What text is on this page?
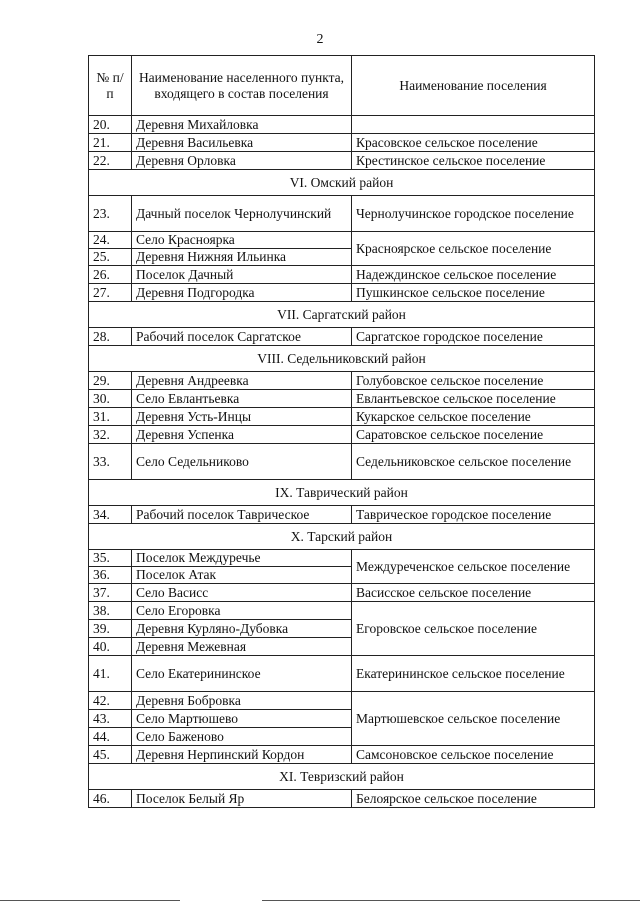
2
№ п/п	Наименование населенного пункта, входящего в состав поселения	Наименование поселения
20.	Деревня Михайловка	
21.	Деревня Васильевка	Красовское сельское поселение
22.	Деревня Орловка	Крестинское сельское поселение
VI. Омский район		
23.	Дачный поселок Чернолучинский	Чернолучинское городское поселение
24.	Село Красноярка	Красноярское сельское поселение
25.	Деревня Нижняя Ильинка	
26.	Поселок Дачный	Надеждинское сельское поселение
27.	Деревня Подгородка	Пушкинское сельское поселение
VII. Саргатский район		
28.	Рабочий поселок Саргатское	Саргатское городское поселение
VIII. Седельниковский район		
29.	Деревня Андреевка	Голубовское сельское поселение
30.	Село Евлантьевка	Евлантьевское сельское поселение
31.	Деревня Усть-Инцы	Кукарское сельское поселение
32.	Деревня Успенка	Саратовское сельское поселение
33.	Село Седельниково	Седельниковское сельское поселение
IX. Таврический район		
34.	Рабочий поселок Таврическое	Таврическое городское поселение
X. Тарский район		
35.	Поселок Междуречье	Междуреченское сельское поселение
36.	Поселок Атак	
37.	Село Васисс	Васисское сельское поселение
38.	Село Егоровка	Егоровское сельское поселение
39.	Деревня Курляно-Дубовка	
40.	Деревня Межевная	
41.	Село Екатерининское	Екатерининское сельское поселение
42.	Деревня Бобровка	Мартюшевское сельское поселение
43.	Село Мартюшево	
44.	Село Баженово	
45.	Деревня Нерпинский Кордон	Самсоновское сельское поселение
XI. Тевризский район		
46.	Поселок Белый Яр	Белоярское сельское поселение
